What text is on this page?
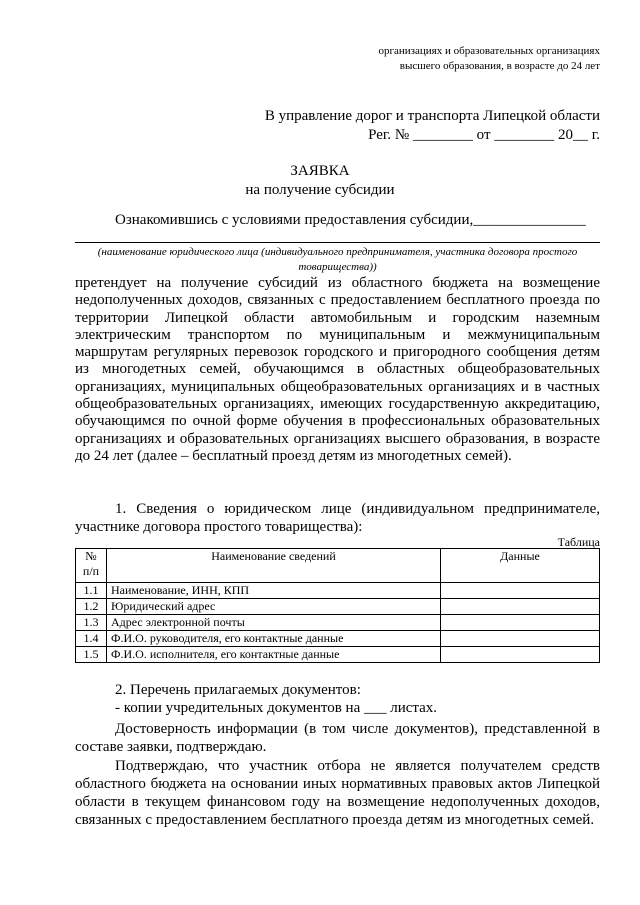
организациях и образовательных организациях
высшего образования, в возрасте до 24 лет
В управление дорог и транспорта Липецкой области
Рег. № ________ от ________ 20__ г.
ЗАЯВКА
на получение субсидии
Ознакомившись с условиями предоставления субсидии,_______________
(наименование юридического лица (индивидуального предпринимателя, участника договора простого товарищества))
претендует на получение субсидий из областного бюджета на возмещение недополученных доходов, связанных с предоставлением бесплатного проезда по территории Липецкой области автомобильным и городским наземным электрическим транспортом по муниципальным и межмуниципальным маршрутам регулярных перевозок городского и пригородного сообщения детям из многодетных семей, обучающимся в областных общеобразовательных организациях, муниципальных общеобразовательных организациях и в частных общеобразовательных организациях, имеющих государственную аккредитацию, обучающимся по очной форме обучения в профессиональных образовательных организациях и образовательных организациях высшего образования, в возрасте до 24 лет (далее – бесплатный проезд детям из многодетных семей).
1. Сведения о юридическом лице (индивидуальном предпринимателе, участнике договора простого товарищества):
Таблица
№ п/п	Наименование сведений	Данные
1.1	Наименование, ИНН, КПП	
1.2	Юридический адрес	
1.3	Адрес электронной почты	
1.4	Ф.И.О. руководителя, его контактные данные	
1.5	Ф.И.О. исполнителя, его контактные данные	
2. Перечень прилагаемых документов:
- копии учредительных документов на ___ листах.
Достоверность информации (в том числе документов), представленной в составе заявки, подтверждаю.
Подтверждаю, что участник отбора не является получателем средств областного бюджета на основании иных нормативных правовых актов Липецкой области в текущем финансовом году на возмещение недополученных доходов, связанных с предоставлением бесплатного проезда детям из многодетных семей.
